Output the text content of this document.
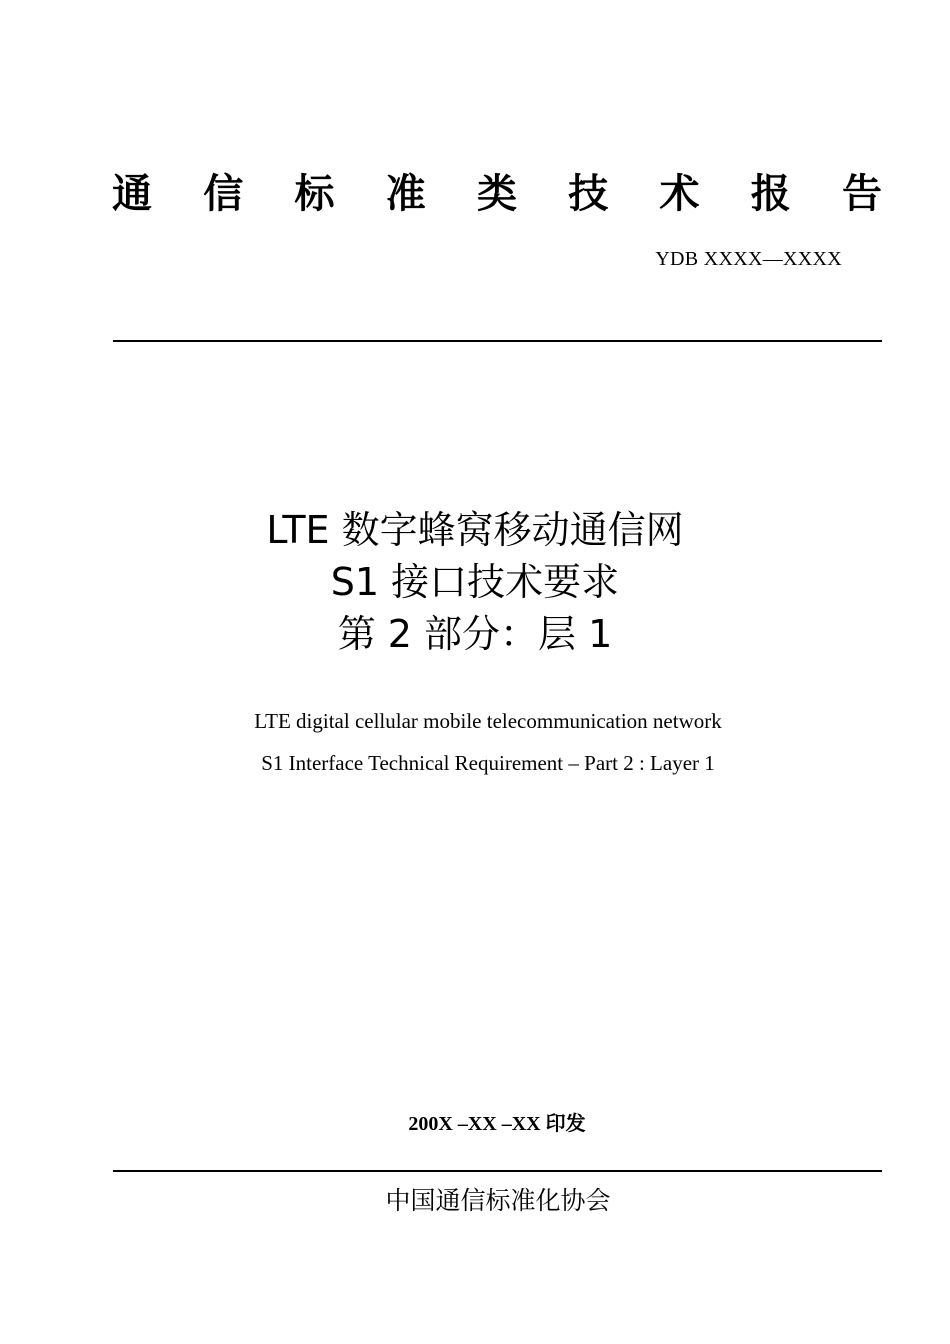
通 信 标 准 类 技 术 报 告
YDB XXXX—XXXX
LTE 数字蜂窝移动通信网
S1 接口技术要求
第 2 部分：层 1
LTE digital cellular mobile telecommunication network
S1 Interface Technical Requirement – Part 2 : Layer 1
200X –XX –XX 印发
中国通信标准化协会
